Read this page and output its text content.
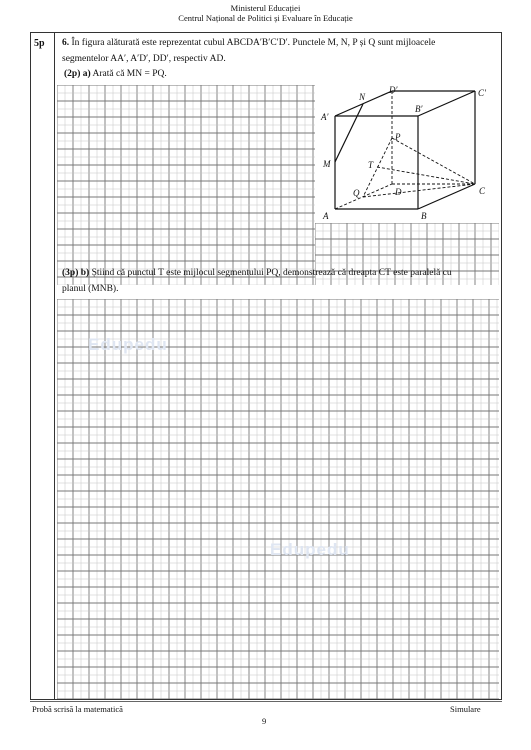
Ministerul Educației
Centrul Național de Politici și Evaluare în Educație
5p 6. În figura alăturată este reprezentat cubul ABCDA′B′C′D′. Punctele M, N, P și Q sunt mijloacele
segmentelor AA′, A′D′, DD′, respectiv AD.
(2p) a) Arată că MN = PQ.
A	B
C
D
A′
B′
C′
D′
M
N
P
Q
T
(3p) b) Știind că punctul T este mijlocul segmentului PQ, demonstrează că dreapta CT este paralelă cu
planul (MNB).
Edupedu
Edupedu
Probă scrisă la matematică
9
Simulare
